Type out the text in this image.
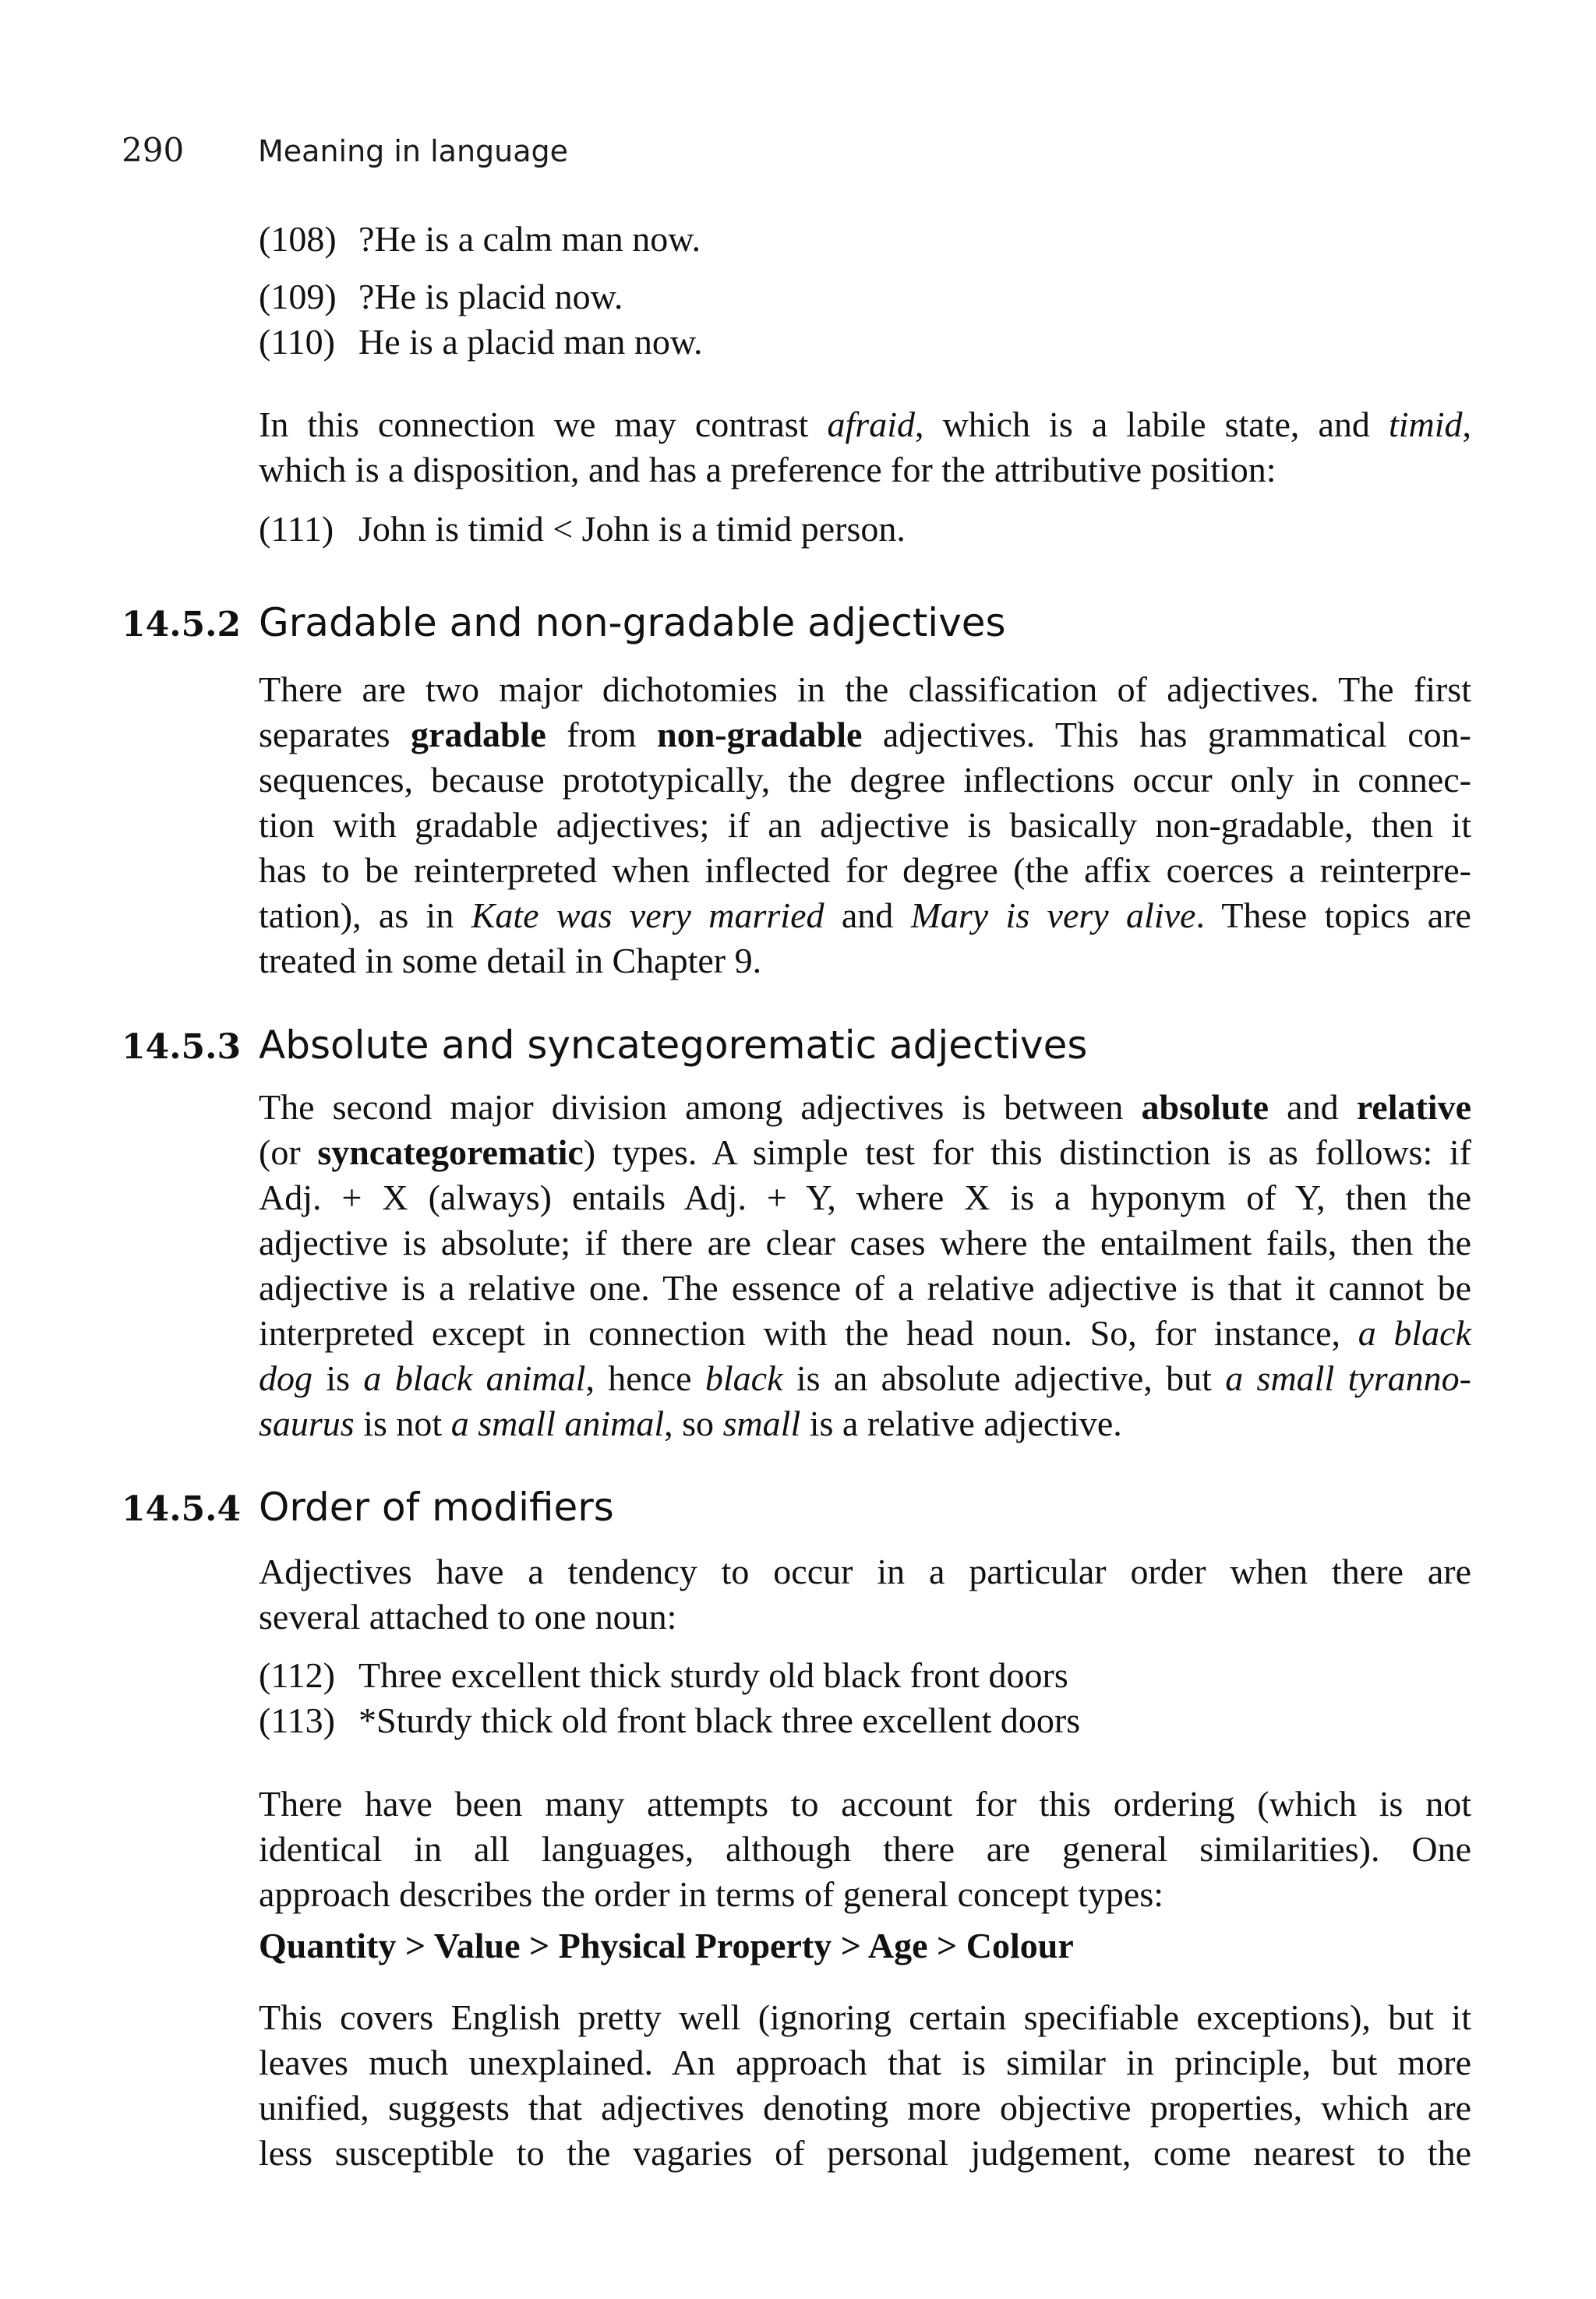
290 Meaning in language
(108) ?He is a calm man now.
(109) ?He is placid now.
(110) He is a placid man now.
In this connection we may contrast afraid, which is a labile state, and timid,
which is a disposition, and has a preference for the attributive position:
(111) John is timid < John is a timid person.
14.5.2 Gradable and non-gradable adjectives
There are two major dichotomies in the classification of adjectives. The first
separates gradable from non-gradable adjectives. This has grammatical con-
sequences, because prototypically, the degree inflections occur only in connec-
tion with gradable adjectives; if an adjective is basically non-gradable, then it
has to be reinterpreted when inflected for degree (the affix coerces a reinterpre-
tation), as in Kate was very married and Mary is very alive. These topics are
treated in some detail in Chapter 9.
14.5.3 Absolute and syncategorematic adjectives
The second major division among adjectives is between absolute and relative
(or syncategorematic) types. A simple test for this distinction is as follows: if
Adj. + X (always) entails Adj. + Y, where X is a hyponym of Y, then the
adjective is absolute; if there are clear cases where the entailment fails, then the
adjective is a relative one. The essence of a relative adjective is that it cannot be
interpreted except in connection with the head noun. So, for instance, a black
dog is a black animal, hence black is an absolute adjective, but a small tyranno-
saurus is not a small animal, so small is a relative adjective.
14.5.4 Order of modifiers
Adjectives have a tendency to occur in a particular order when there are
several attached to one noun:
(112) Three excellent thick sturdy old black front doors
(113) *Sturdy thick old front black three excellent doors
There have been many attempts to account for this ordering (which is not
identical in all languages, although there are general similarities). One
approach describes the order in terms of general concept types:
Quantity > Value > Physical Property > Age > Colour
This covers English pretty well (ignoring certain specifiable exceptions), but it
leaves much unexplained. An approach that is similar in principle, but more
unified, suggests that adjectives denoting more objective properties, which are
less susceptible to the vagaries of personal judgement, come nearest to the
